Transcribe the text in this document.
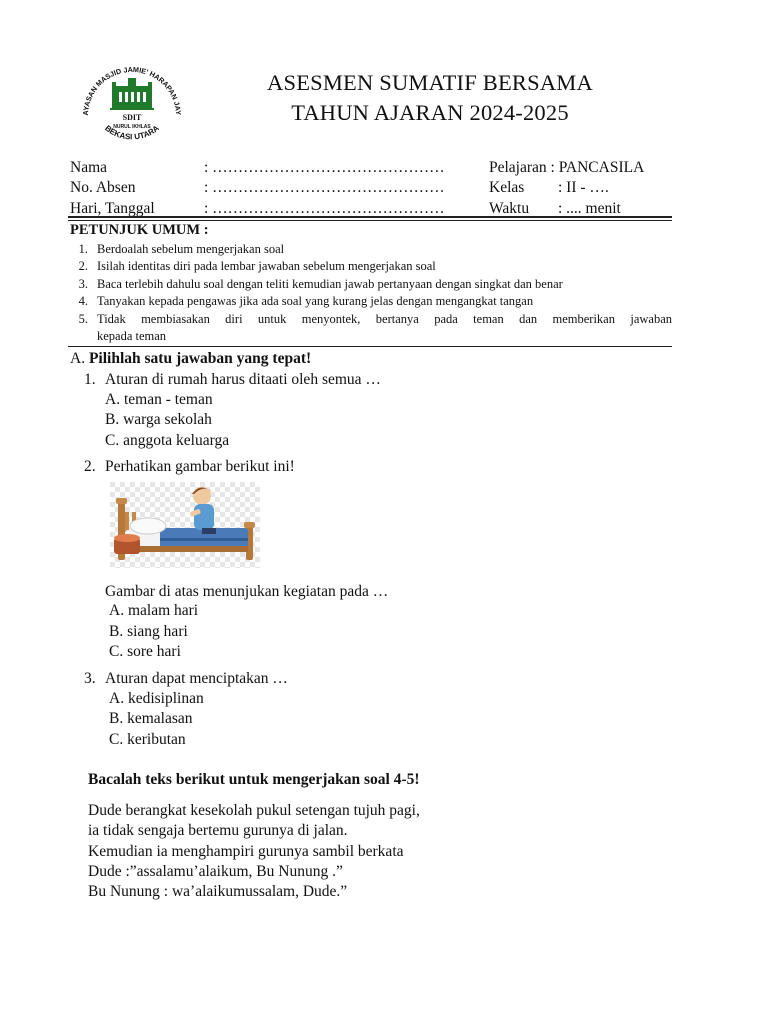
AYASAN MASJID JAMIE' HARAPAN JAY
BEKASI UTARA
SDIT
NURUL IKHLAS
ASESMEN SUMATIF BERSAMA
TAHUN AJARAN 2024-2025
Nama	: ………………………………………	Pelajaran : PANCASILA
No. Absen	: ………………………………………	Kelas : II - ….
Hari, Tanggal	: ………………………………………	Waktu : .... menit
PETUNJUK UMUM :
1. Berdoalah sebelum mengerjakan soal
2. Isilah identitas diri pada lembar jawaban sebelum mengerjakan soal
3. Baca terlebih dahulu soal dengan teliti kemudian jawab pertanyaan dengan singkat dan benar
4. Tanyakan kepada pengawas jika ada soal yang kurang jelas dengan mengangkat tangan
5. Tidak membiasakan diri untuk menyontek, bertanya pada teman dan memberikan jawaban
kepada teman
A. Pilihlah satu jawaban yang tepat!
1. Aturan di rumah harus ditaati oleh semua …
A. teman - teman
B. warga sekolah
C. anggota keluarga
2. Perhatikan gambar berikut ini!
Gambar di atas menunjukan kegiatan pada …
A. malam hari
B. siang hari
C. sore hari
3. Aturan dapat menciptakan …
A. kedisiplinan
B. kemalasan
C. keributan
Bacalah teks berikut untuk mengerjakan soal 4-5!
Dude berangkat kesekolah pukul setengan tujuh pagi,
ia tidak sengaja bertemu gurunya di jalan.
Kemudian ia menghampiri gurunya sambil berkata
Dude :”assalamu’alaikum, Bu Nunung .”
Bu Nunung : wa’alaikumussalam, Dude.”
